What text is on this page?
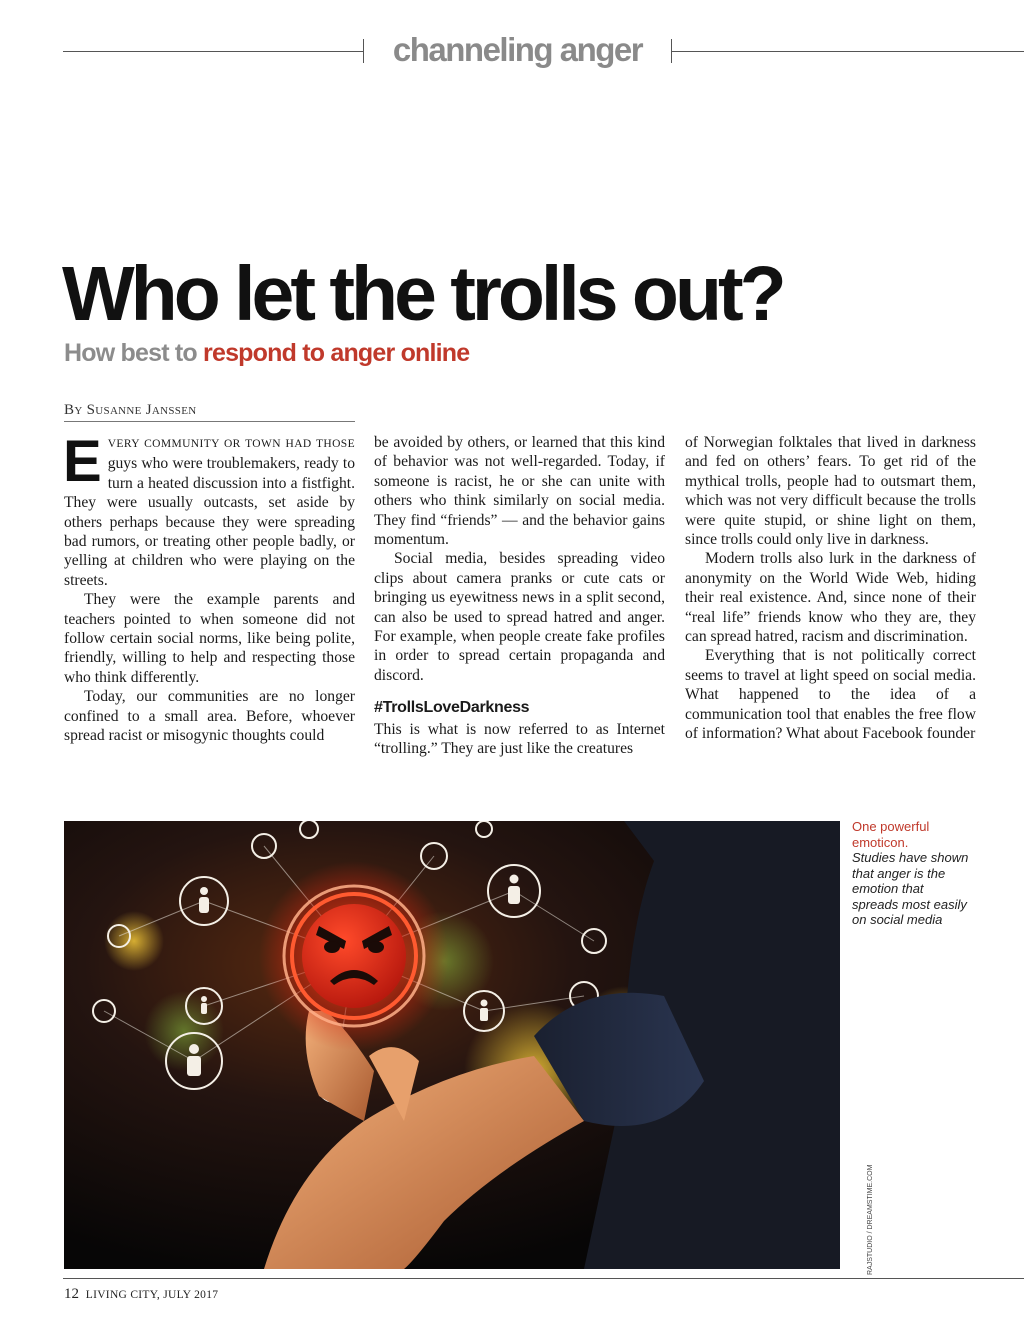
channeling anger
Who let the trolls out?
How best to respond to anger online
BY SUSANNE JANSSEN

EVERY COMMUNITY OR TOWN HAD THOSE guys who were troublemakers, ready to turn a heated discussion into a fistfight. They were usually outcasts, set aside by others perhaps because they were spreading bad rumors, or treating other people badly, or yelling at children who were playing on the streets.

They were the example parents and teachers pointed to when someone did not follow certain social norms, like being polite, friendly, willing to help and respecting those who think differently.

Today, our communities are no longer confined to a small area. Before, whoever spread racist or misogynic thoughts could

be avoided by others, or learned that this kind of behavior was not well-regarded. Today, if someone is racist, he or she can unite with others who think similarly on social media. They find “friends” — and the behavior gains momentum.

Social media, besides spreading video clips about camera pranks or cute cats or bringing us eyewitness news in a split second, can also be used to spread hatred and anger. For example, when people create fake profiles in order to spread certain propaganda and discord.

#TrollsLoveDarkness

This is what is now referred to as Internet “trolling.” They are just like the creatures

of Norwegian folktales that lived in darkness and fed on others’ fears. To get rid of the mythical trolls, people had to outsmart them, which was not very difficult because the trolls were quite stupid, or shine light on them, since trolls could only live in darkness.

Modern trolls also lurk in the darkness of anonymity on the World Wide Web, hiding their real existence. And, since none of their “real life” friends know who they are, they can spread hatred, racism and discrimination.

Everything that is not politically correct seems to travel at light speed on social media. What happened to the idea of a communication tool that enables the free flow of information? What about Facebook founder

One powerful emoticon.
Studies have shown that anger is the emotion that spreads most easily on social media
RAJSTUDIO / DREAMSTIME.COM
12 LIVING CITY, JULY 2017
